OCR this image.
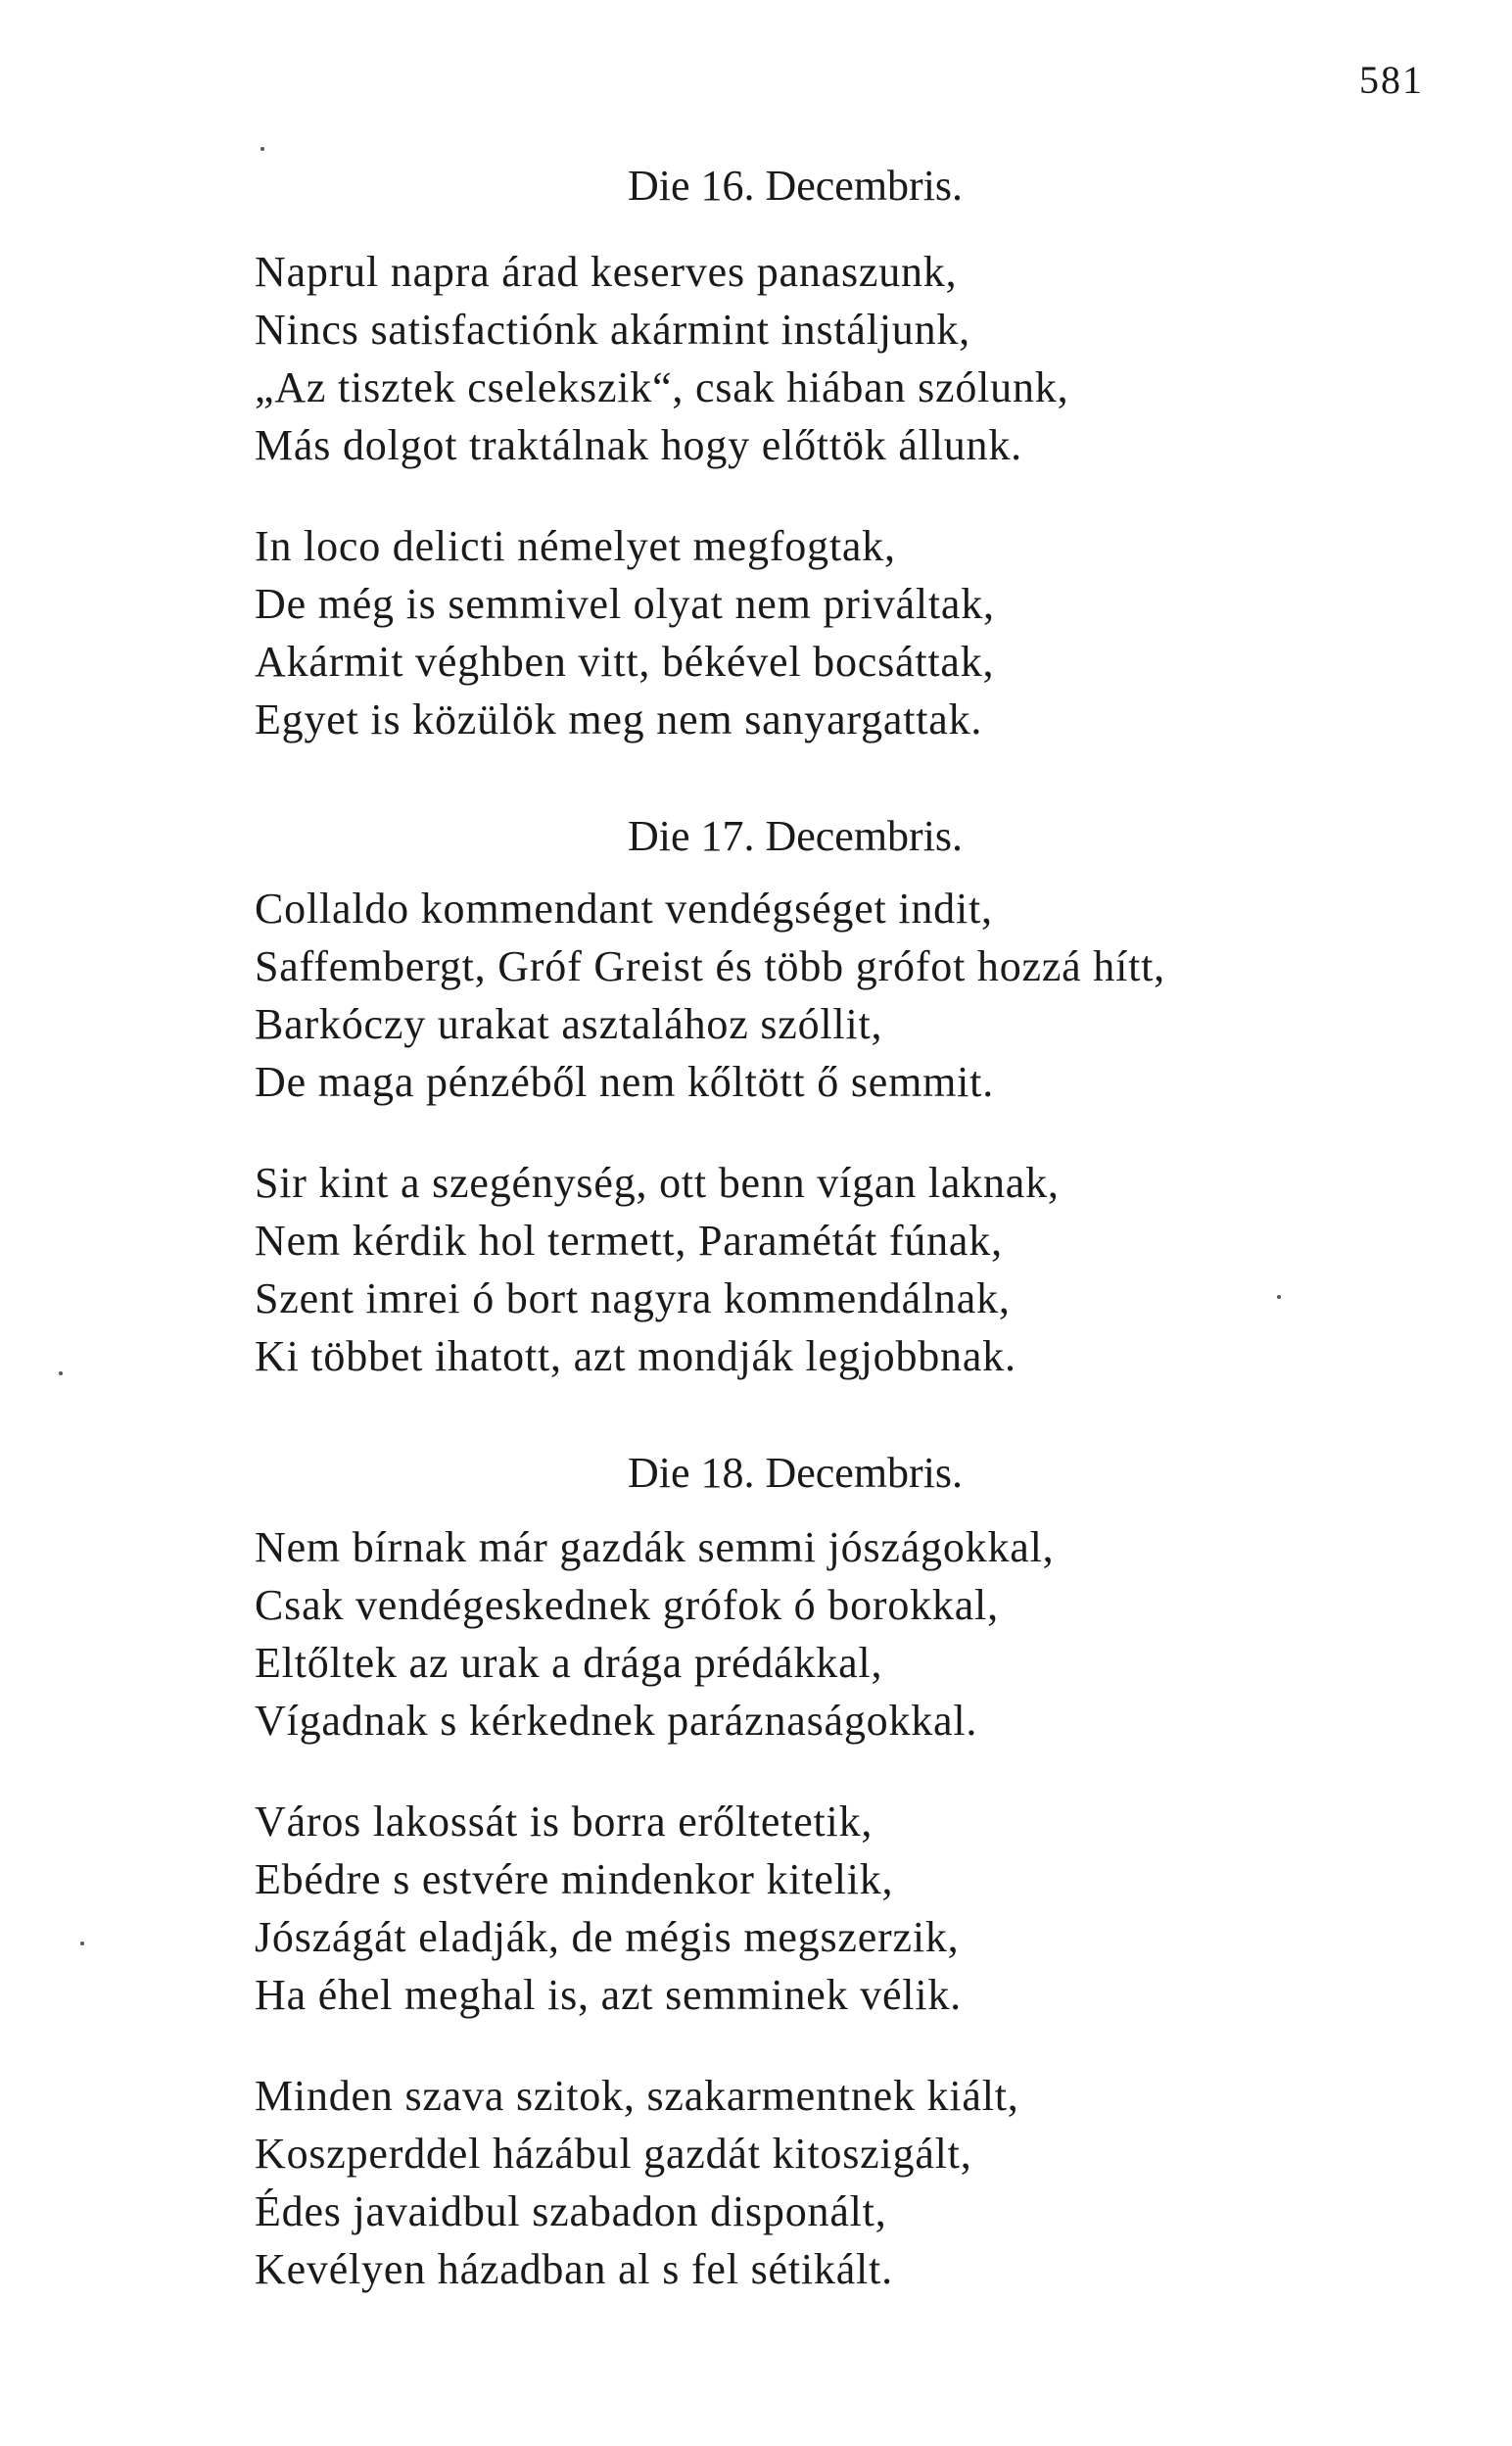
581
Die 16. Decembris.
Naprul napra árad keserves panaszunk,
Nincs satisfactiónk akármint instáljunk,
„Az tisztek cselekszik“, csak hiában szólunk,
Más dolgot traktálnak hogy előttök állunk.
In loco delicti némelyet megfogtak,
De még is semmivel olyat nem priváltak,
Akármit véghben vitt, békével bocsáttak,
Egyet is közülök meg nem sanyargattak.
Die 17. Decembris.
Collaldo kommendant vendégséget indit,
Saffembergt, Gróf Greist és több grófot hozzá hítt,
Barkóczy urakat asztalához szóllit,
De maga pénzéből nem kőltött ő semmit.
Sir kint a szegénység, ott benn vígan laknak,
Nem kérdik hol termett, Paramétát fúnak,
Szent imrei ó bort nagyra kommendálnak,
Ki többet ihatott, azt mondják legjobbnak.
Die 18. Decembris.
Nem bírnak már gazdák semmi jószágokkal,
Csak vendégeskednek grófok ó borokkal,
Eltőltek az urak a drága prédákkal,
Vígadnak s kérkednek paráznaságokkal.
Város lakossát is borra erőltetetik,
Ebédre s estvére mindenkor kitelik,
Jószágát eladják, de mégis megszerzik,
Ha éhel meghal is, azt semminek vélik.
Minden szava szitok, szakarmentnek kiált,
Koszperddel házábul gazdát kitoszigált,
Édes javaidbul szabadon disponált,
Kevélyen házadban al s fel sétikált.
